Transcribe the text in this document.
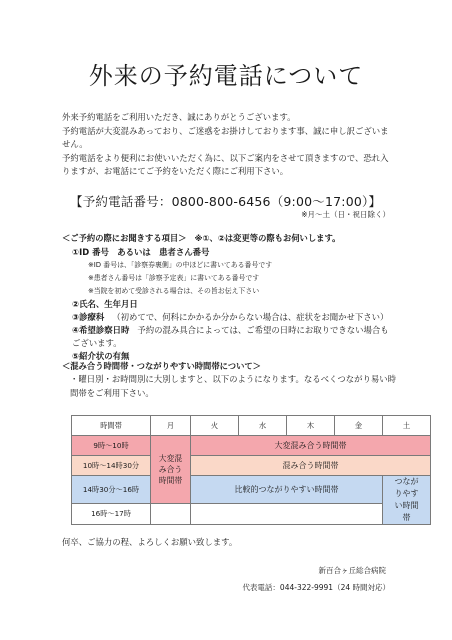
外来の予約電話について

外来予約電話をご利用いただき、誠にありがとうございます。

予約電話が大変混みあっており、ご迷惑をお掛けしております事、誠に申し訳ございません。

予約電話をより便利にお使いいただく為に、以下ご案内をさせて頂きますので、恐れ入りますが、お電話にてご予約をいただく際にご利用下さい。

【予約電話番号：0800-800-6456（9:00～17:00）】
※月～土（日・祝日除く）
＜ご予約の際にお聞きする項目＞ ※①、②は変更等の際もお伺いします。
①ID 番号　あるいは　患者さん番号
※ID 番号は、「診察券裏側」の中ほどに書いてある番号です
※患者さん番号は「診察予定表」に書いてある番号です
※当院を初めて受診される場合は、その旨お伝え下さい
②氏名、生年月日
③診療科 （初めてで、何科にかかるか分からない場合は、症状をお聞かせ下さい）
④希望診察日時 予約の混み具合によっては、ご希望の日時にお取りできない場合もございます。
⑤紹介状の有無
＜混み合う時間帯・つながりやすい時間帯について＞
・曜日別・お時間別に大別しますと、以下のようになります。なるべくつながり易い時間帯をご利用下さい。
時間帯	月	火	水	木	金	土
9時～10時	大変混み合う時間帯	大変混み合う時間帯				
10時～14時30分		混み合う時間帯				
14時30分～16時		比較的つながりやすい時間帯				つながりやすい時間帯
16時～17時						
何卒、ご協力の程、よろしくお願い致します。
新百合ヶ丘総合病院
代表電話：044-322-9991（24 時間対応）
